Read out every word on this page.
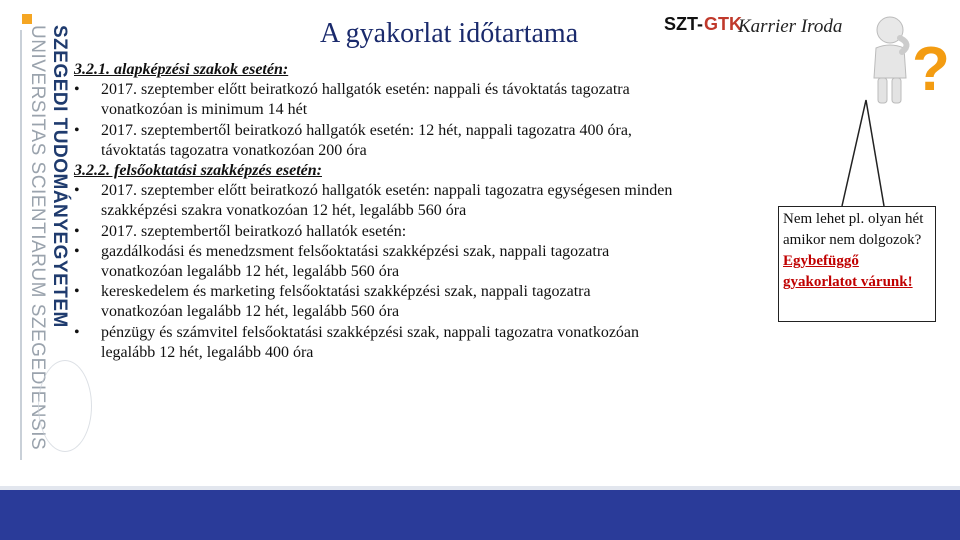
SZEGEDI TUDOMÁNYEGYETEM
UNIVERSITAS SCIENTIARUM SZEGEDIENSIS	A gyakorlat időtartama	SZT- GTK
Karrier Iroda
?

3.2.1. alapképzési szakok esetén:

• 2017. szeptember előtt beiratkozó hallgatók esetén: nappali és távoktatás tagozatra vonatkozóan is minimum 14 hét

• 2017. szeptembertől beiratkozó hallgatók esetén: 12 hét, nappali tagozatra 400 óra, távoktatás tagozatra vonatkozóan 200 óra

3.2.2. felsőoktatási szakképzés esetén:

• 2017. szeptember előtt beiratkozó hallgatók esetén: nappali tagozatra egységesen minden szakképzési szakra vonatkozóan 12 hét, legalább 560 óra

• 2017. szeptembertől beiratkozó hallatók esetén:

• gazdálkodási és menedzsment felsőoktatási szakképzési szak, nappali tagozatra vonatkozóan legalább 12 hét, legalább 560 óra

• kereskedelem és marketing felsőoktatási szakképzési szak, nappali tagozatra vonatkozóan legalább 12 hét, legalább 560 óra

• pénzügy és számvitel felsőoktatási szakképzési szak, nappali tagozatra vonatkozóan legalább 12 hét, legalább 400 óra

Nem lehet pl. olyan hét amikor nem dolgozok? Egybefüggő gyakorlatot várunk!
